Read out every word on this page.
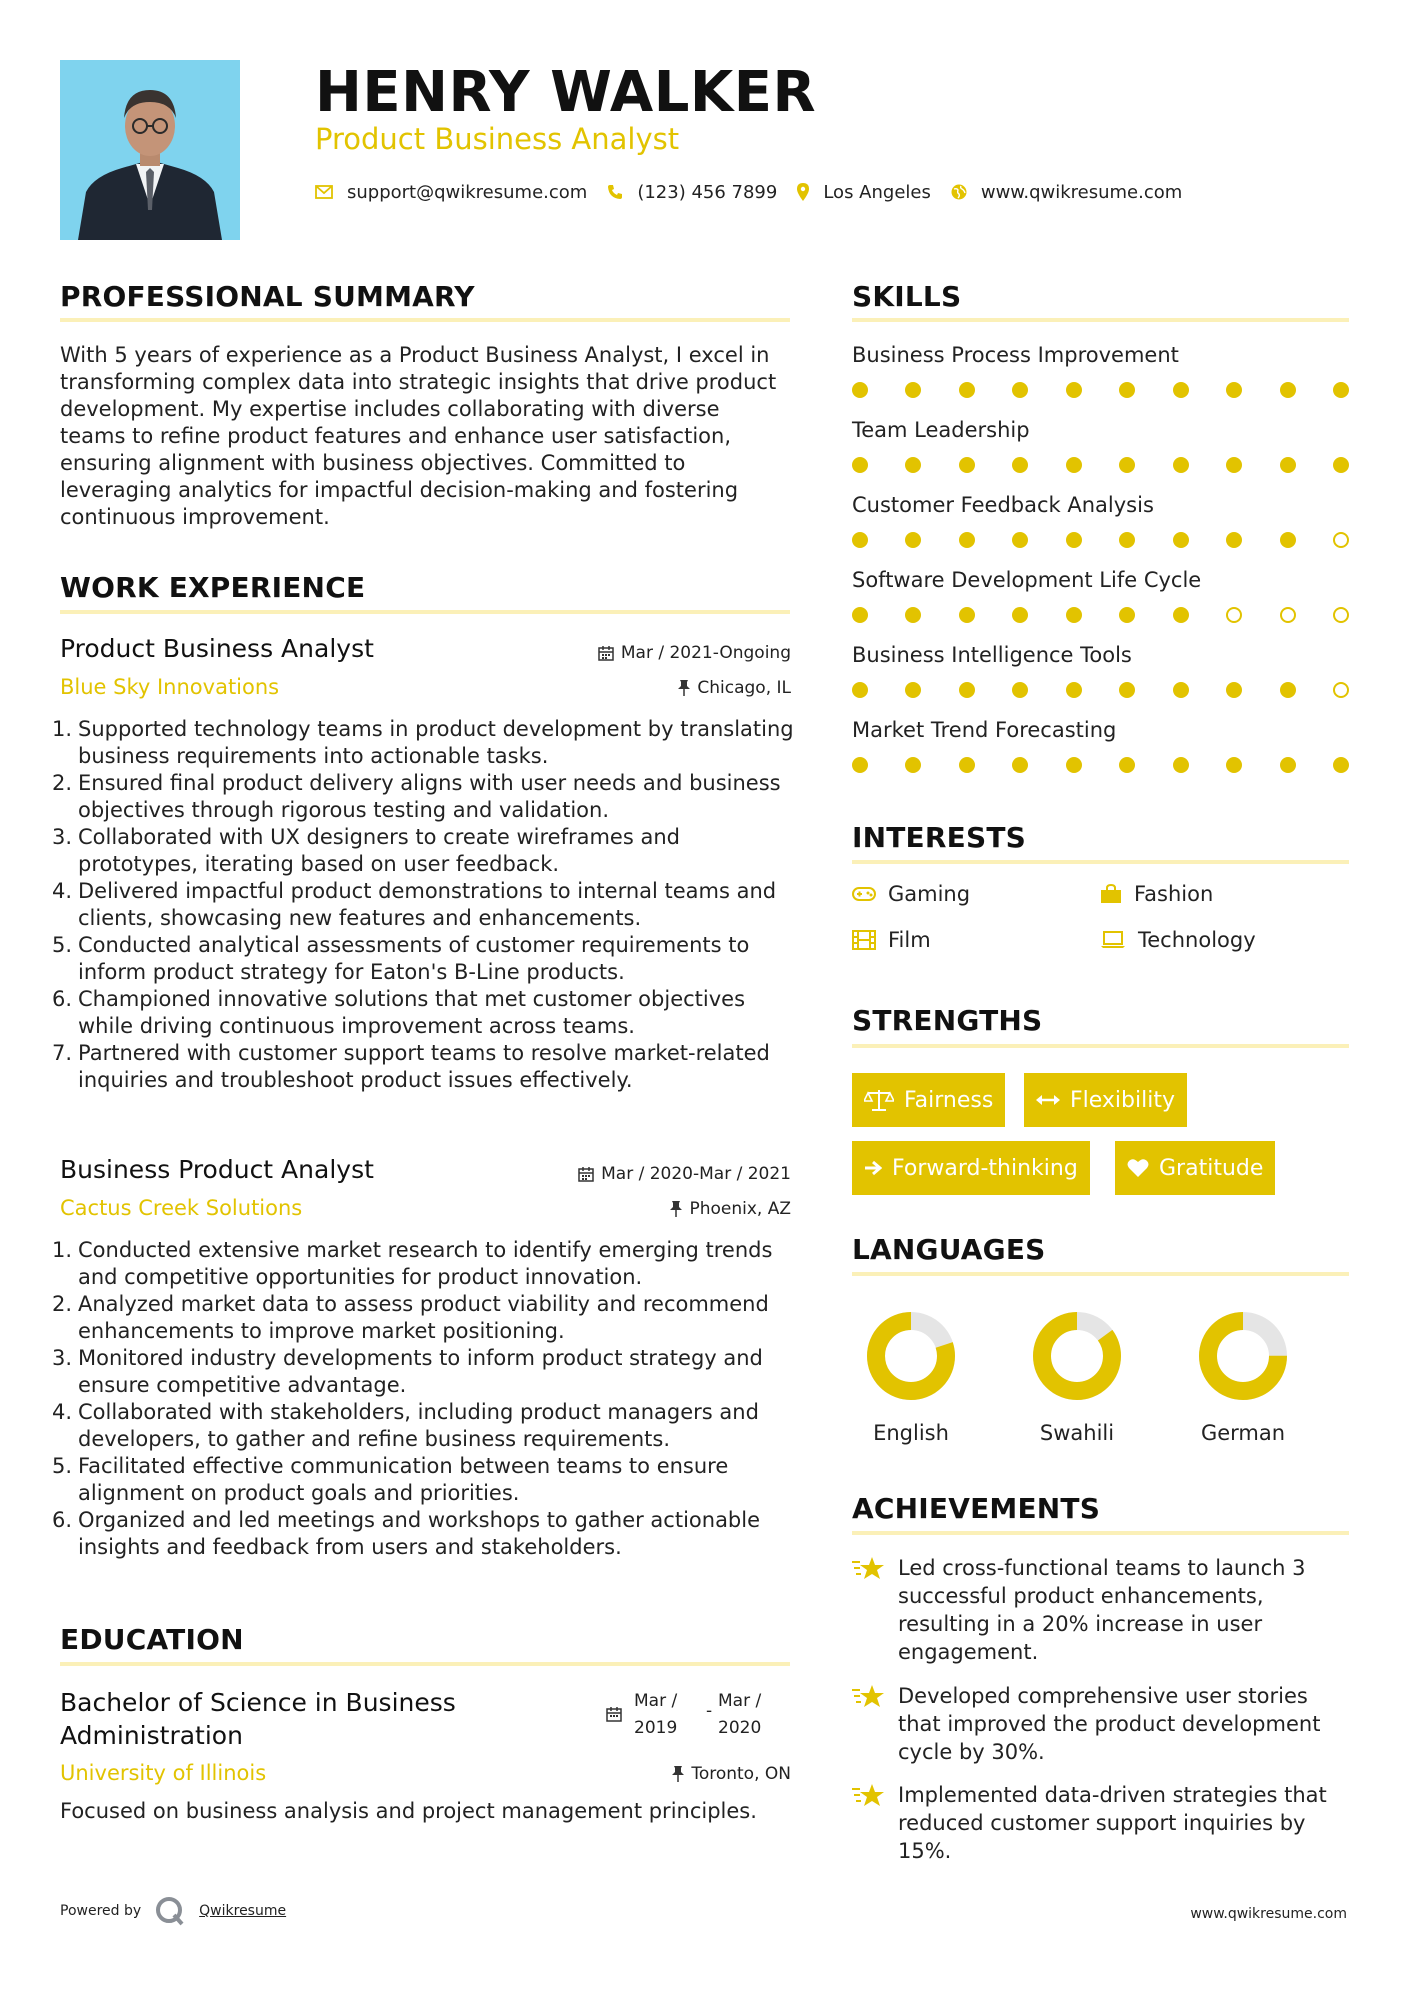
HENRY WALKER
Product Business Analyst
support@qwikresume.com	(123) 456 7899	Los Angeles	www.qwikresume.com
PROFESSIONAL SUMMARY
With 5 years of experience as a Product Business Analyst, I excel in transforming complex data into strategic insights that drive product development. My expertise includes collaborating with diverse teams to refine product features and enhance user satisfaction, ensuring alignment with business objectives. Committed to leveraging analytics for impactful decision-making and fostering continuous improvement.
WORK EXPERIENCE
Product Business Analyst	Mar / 2021-Ongoing
Blue Sky Innovations	Chicago, IL
1. Supported technology teams in product development by translating business requirements into actionable tasks.
2. Ensured final product delivery aligns with user needs and business objectives through rigorous testing and validation.
3. Collaborated with UX designers to create wireframes and prototypes, iterating based on user feedback.
4. Delivered impactful product demonstrations to internal teams and clients, showcasing new features and enhancements.
5. Conducted analytical assessments of customer requirements to inform product strategy for Eaton's B-Line products.
6. Championed innovative solutions that met customer objectives while driving continuous improvement across teams.
7. Partnered with customer support teams to resolve market-related inquiries and troubleshoot product issues effectively.
Business Product Analyst	Mar / 2020-Mar / 2021
Cactus Creek Solutions	Phoenix, AZ
1. Conducted extensive market research to identify emerging trends and competitive opportunities for product innovation.
2. Analyzed market data to assess product viability and recommend enhancements to improve market positioning.
3. Monitored industry developments to inform product strategy and ensure competitive advantage.
4. Collaborated with stakeholders, including product managers and developers, to gather and refine business requirements.
5. Facilitated effective communication between teams to ensure alignment on product goals and priorities.
6. Organized and led meetings and workshops to gather actionable insights and feedback from users and stakeholders.
EDUCATION
Bachelor of Science in Business Administration
Mar / 2019
- Mar / 2020
University of Illinois	Toronto, ON
Focused on business analysis and project management principles.
SKILLS
Business Process Improvement
Team Leadership
Customer Feedback Analysis
Software Development Life Cycle
Business Intelligence Tools
Market Trend Forecasting
INTERESTS
Gaming	Fashion
Film	Technology
STRENGTHS
Fairness	Flexibility
Forward-thinking	Gratitude
LANGUAGES
English	Swahili	German
ACHIEVEMENTS
Led cross-functional teams to launch 3 successful product enhancements, resulting in a 20% increase in user engagement.
Developed comprehensive user stories that improved the product development cycle by 30%.
Implemented data-driven strategies that reduced customer support inquiries by 15%.
Powered by	Qwikresume	www.qwikresume.com
